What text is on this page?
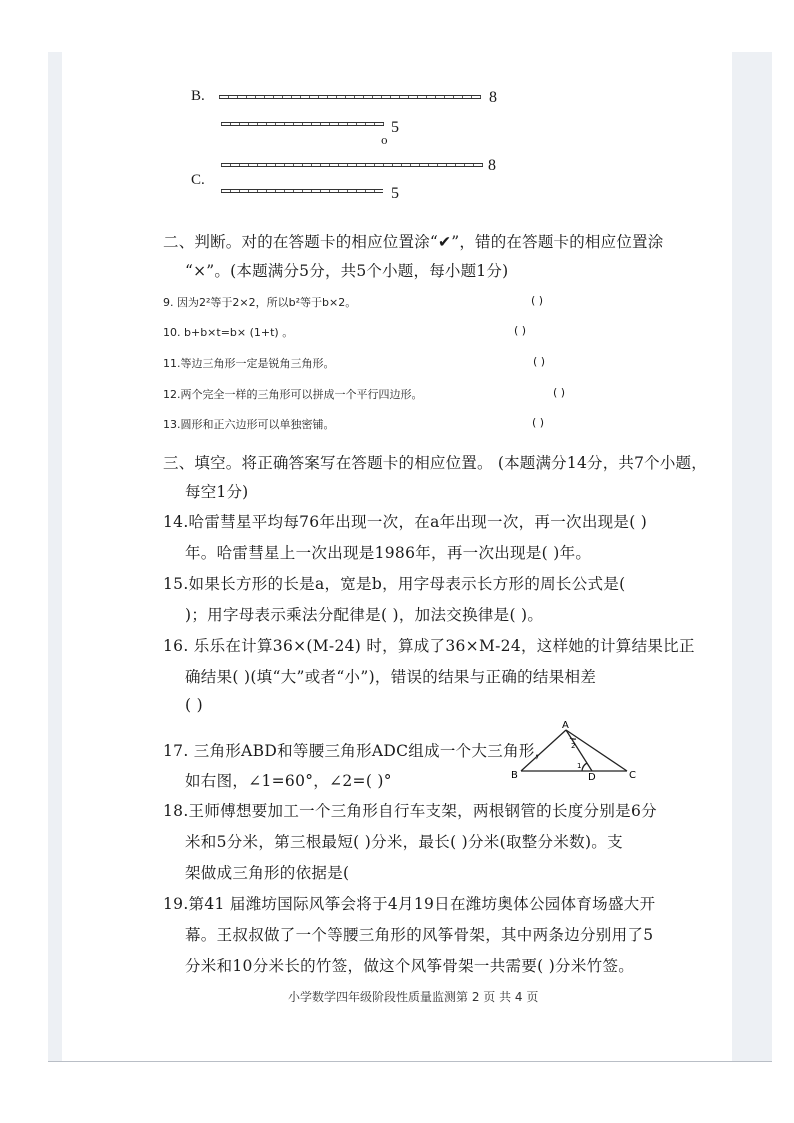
B.	8
5
o
8
C.
5
二、判断。对的在答题卡的相应位置涂“✔”，错的在答题卡的相应位置涂
“×”。(本题满分5分，共5个小题，每小题1分)
9. 因为2²等于2×2，所以b²等于b×2。	( )
10. b+b×t=b× (1+t) 。	( )
11.等边三角形一定是锐角三角形。	( )
12.两个完全一样的三角形可以拼成一个平行四边形。	( )
13.圆形和正六边形可以单独密铺。	( )
三、填空。将正确答案写在答题卡的相应位置。 (本题满分14分，共7个小题，
每空1分)
14.哈雷彗星平均每76年出现一次，在a年出现一次，再一次出现是( )
年。哈雷彗星上一次出现是1986年，再一次出现是( )年。
15.如果长方形的长是a，宽是b，用字母表示长方形的周长公式是(
)；用字母表示乘法分配律是( )，加法交换律是( )。
16. 乐乐在计算36×(M-24) 时，算成了36×M-24，这样她的计算结果比正
确结果( )(填“大”或者“小”)，错误的结果与正确的结果相差
( )
17. 三角形ABD和等腰三角形ADC组成一个大三角形，
如右图，∠1=60°，∠2=( )°
A
B	C
D
1
2
18.王师傅想要加工一个三角形自行车支架，两根钢管的长度分别是6分
米和5分米，第三根最短( )分米，最长( )分米(取整分米数)。支
架做成三角形的依据是(
19.第41 届潍坊国际风筝会将于4月19日在潍坊奥体公园体育场盛大开
幕。王叔叔做了一个等腰三角形的风筝骨架，其中两条边分别用了5
分米和10分米长的竹签，做这个风筝骨架一共需要( )分米竹签。
小学数学四年级阶段性质量监测第 2 页 共 4 页
